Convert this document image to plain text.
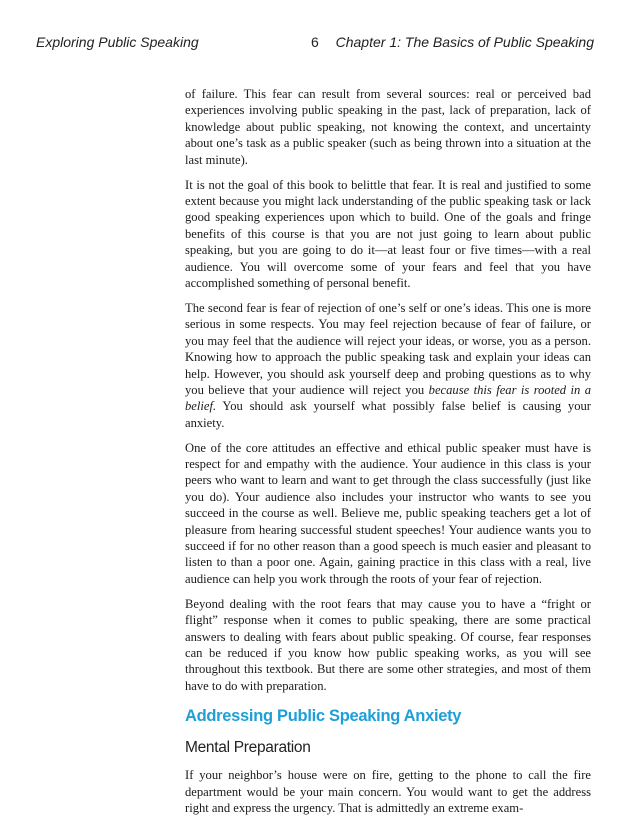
Exploring Public Speaking	6 Chapter 1: The Basics of Public Speaking

of failure. This fear can result from several sources: real or perceived bad experiences involving public speaking in the past, lack of preparation, lack of knowledge about public speaking, not knowing the context, and uncertainty about one’s task as a public speaker (such as being thrown into a situation at the last minute).

It is not the goal of this book to belittle that fear. It is real and justified to some extent because you might lack understanding of the public speaking task or lack good speaking experiences upon which to build. One of the goals and fringe benefits of this course is that you are not just going to learn about public speaking, but you are going to do it—at least four or five times—with a real audience. You will overcome some of your fears and feel that you have accomplished something of personal benefit.

The second fear is fear of rejection of one’s self or one’s ideas. This one is more serious in some respects. You may feel rejection because of fear of failure, or you may feel that the audience will reject your ideas, or worse, you as a person. Knowing how to approach the public speaking task and explain your ideas can help. However, you should ask yourself deep and probing questions as to why you believe that your audience will reject you because this fear is rooted in a belief. You should ask yourself what possibly false belief is causing your anxiety.

One of the core attitudes an effective and ethical public speaker must have is respect for and empathy with the audience. Your audience in this class is your peers who want to learn and want to get through the class successfully (just like you do). Your audience also includes your instructor who wants to see you succeed in the course as well. Believe me, public speaking teachers get a lot of pleasure from hearing successful student speeches! Your audience wants you to succeed if for no other reason than a good speech is much easier and pleasant to listen to than a poor one. Again, gaining practice in this class with a real, live audience can help you work through the roots of your fear of rejection.

Beyond dealing with the root fears that may cause you to have a “fright or flight” response when it comes to public speaking, there are some practical answers to dealing with fears about public speaking. Of course, fear responses can be reduced if you know how public speaking works, as you will see throughout this textbook. But there are some other strategies, and most of them have to do with preparation.

Addressing Public Speaking Anxiety
Mental Preparation

If your neighbor’s house were on fire, getting to the phone to call the fire department would be your main concern. You would want to get the address right and express the urgency. That is admittedly an extreme exam-
